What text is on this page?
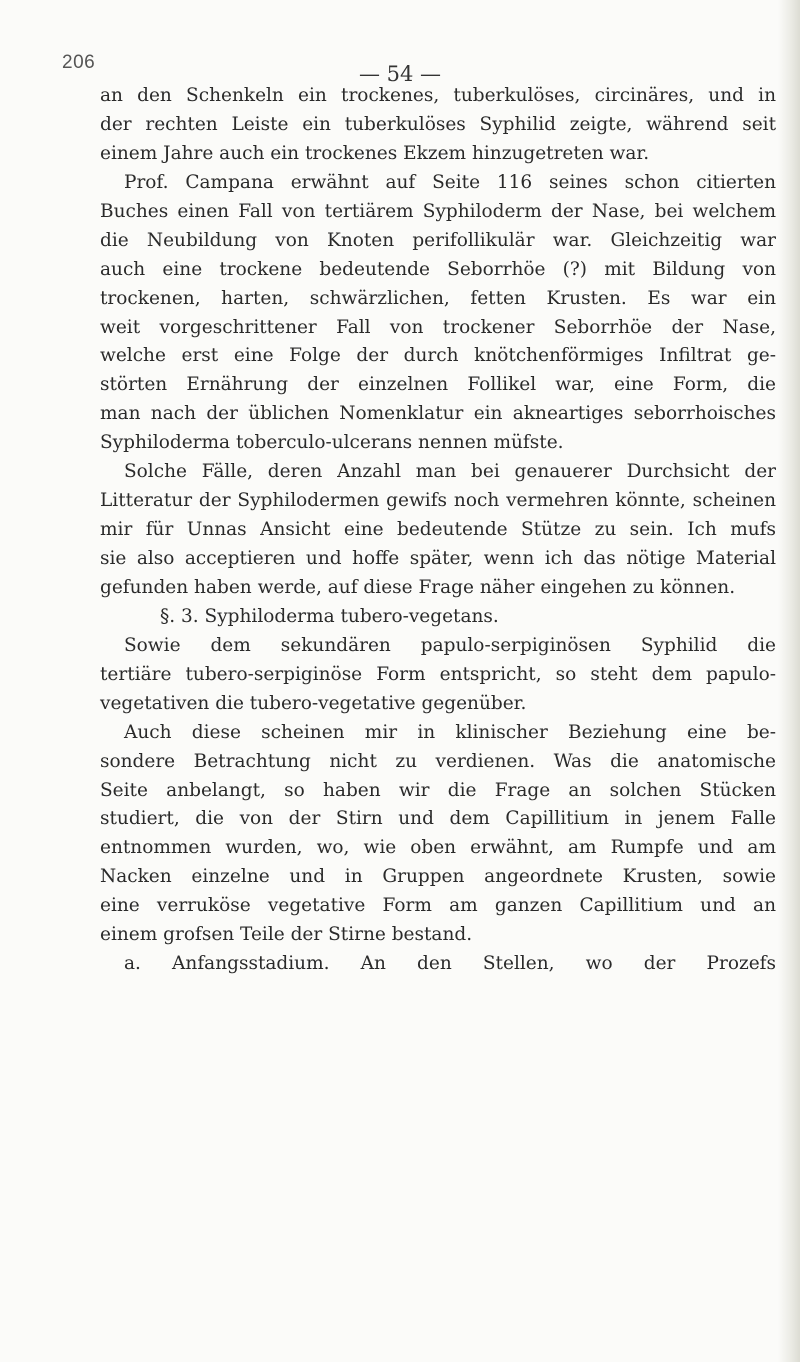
206	— 54 —
an den Schenkeln ein trockenes, tuberkulöses, circinäres, und in
der rechten Leiste ein tuberkulöses Syphilid zeigte, während seit
einem Jahre auch ein trockenes Ekzem hinzugetreten war.
Prof. Campana erwähnt auf Seite 116 seines schon citierten
Buches einen Fall von tertiärem Syphiloderm der Nase, bei welchem
die Neubildung von Knoten perifollikulär war. Gleichzeitig war
auch eine trockene bedeutende Seborrhöe (?) mit Bildung von
trockenen, harten, schwärzlichen, fetten Krusten. Es war ein
weit vorgeschrittener Fall von trockener Seborrhöe der Nase,
welche erst eine Folge der durch knötchenförmiges Infiltrat ge-
störten Ernährung der einzelnen Follikel war, eine Form, die
man nach der üblichen Nomenklatur ein akneartiges seborrhoisches
Syphiloderma toberculo-ulcerans nennen müfste.
Solche Fälle, deren Anzahl man bei genauerer Durchsicht der
Litteratur der Syphilodermen gewifs noch vermehren könnte, scheinen
mir für Unnas Ansicht eine bedeutende Stütze zu sein. Ich mufs
sie also acceptieren und hoffe später, wenn ich das nötige Material
gefunden haben werde, auf diese Frage näher eingehen zu können.
§. 3. Syphiloderma tubero-vegetans.
Sowie dem sekundären papulo-serpiginösen Syphilid die
tertiäre tubero-serpiginöse Form entspricht, so steht dem papulo-
vegetativen die tubero-vegetative gegenüber.
Auch diese scheinen mir in klinischer Beziehung eine be-
sondere Betrachtung nicht zu verdienen. Was die anatomische
Seite anbelangt, so haben wir die Frage an solchen Stücken
studiert, die von der Stirn und dem Capillitium in jenem Falle
entnommen wurden, wo, wie oben erwähnt, am Rumpfe und am
Nacken einzelne und in Gruppen angeordnete Krusten, sowie
eine verruköse vegetative Form am ganzen Capillitium und an
einem grofsen Teile der Stirne bestand.
a. Anfangsstadium. An den Stellen, wo der Prozefs
